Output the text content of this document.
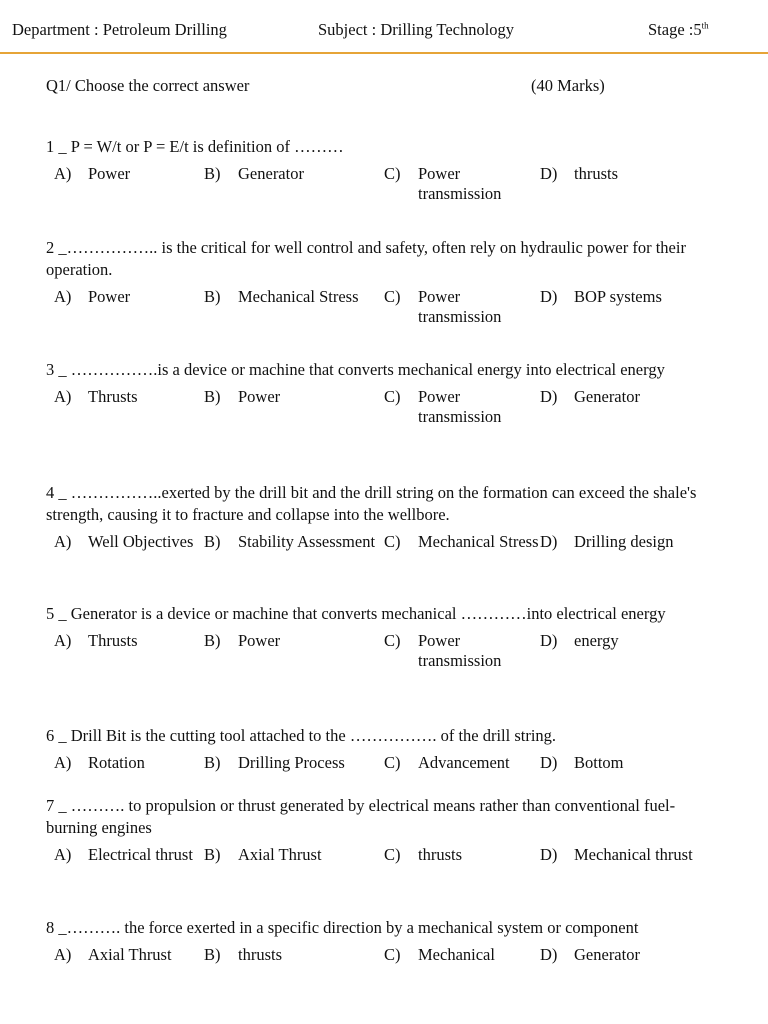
Department : Petroleum Drilling	Subject : Drilling Technology	Stage :5th
Q1/ Choose the correct answer	(40 Marks)
1 _ P = W/t or P = E/t is definition of ………
A) Power	B) Generator	C) Power transmission
D) thrusts
2 _…………….. is the critical for well control and safety, often rely on hydraulic power for their operation.
A) Power	B) Mechanical Stress	C) Power transmission
D) BOP systems
3 _ …………….is a device or machine that converts mechanical energy into electrical energy
A) Thrusts	B) Power	C) Power transmission
D) Generator
4 _ ……………..exerted by the drill bit and the drill string on the formation can exceed the shale's strength, causing it to fracture and collapse into the wellbore.
A) Well Objectives B) Stability Assessment C) Mechanical Stress D) Drilling design
5 _ Generator is a device or machine that converts mechanical …………into electrical energy
A) Thrusts	B) Power	C) Power transmission
D) energy
6 _ Drill Bit is the cutting tool attached to the ……………. of the drill string.
A) Rotation	B) Drilling Process	C) Advancement	D) Bottom
7 _ ………. to propulsion or thrust generated by electrical means rather than conventional fuel-burning engines
A) Electrical thrust B) Axial Thrust	C) thrusts	D) Mechanical thrust
8 _………. the force exerted in a specific direction by a mechanical system or component
A) Axial Thrust	B) thrusts	C) Mechanical	D) Generator
